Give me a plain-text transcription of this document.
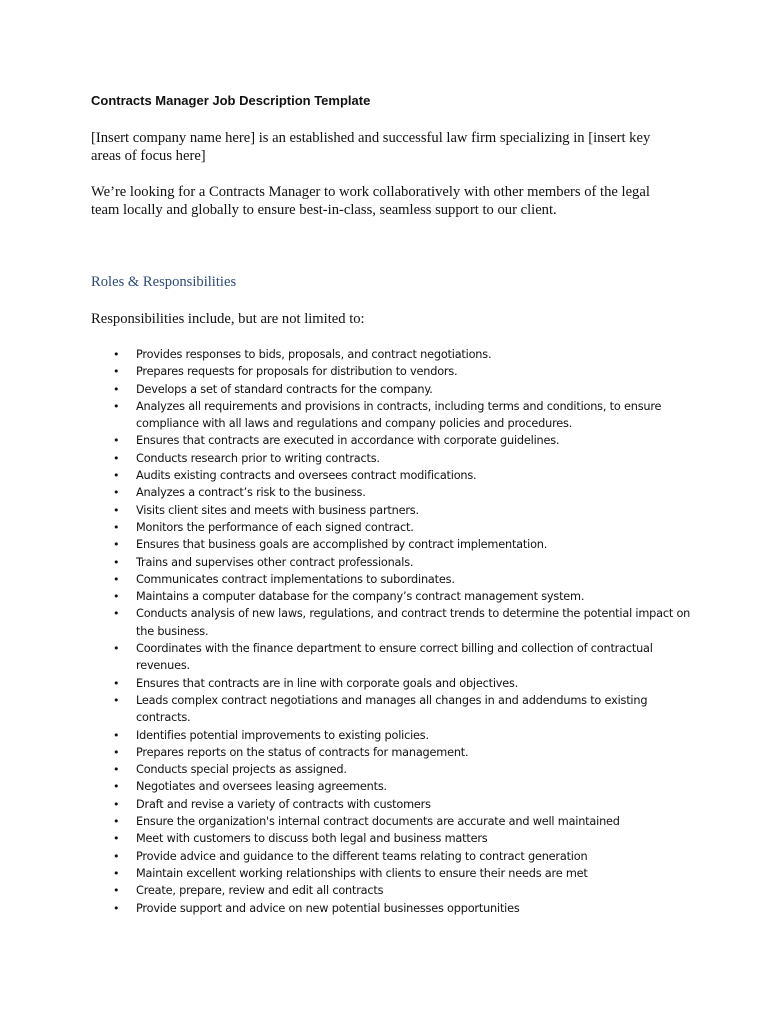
Contracts Manager Job Description Template

[Insert company name here] is an established and successful law firm specializing in [insert key areas of focus here]

We’re looking for a Contracts Manager to work collaboratively with other members of the legal team locally and globally to ensure best-in-class, seamless support to our client.

Roles & Responsibilities

Responsibilities include, but are not limited to:

• Provides responses to bids, proposals, and contract negotiations.
• Prepares requests for proposals for distribution to vendors.
• Develops a set of standard contracts for the company.
• Analyzes all requirements and provisions in contracts, including terms and conditions, to ensure compliance with all laws and regulations and company policies and procedures.
• Ensures that contracts are executed in accordance with corporate guidelines.
• Conducts research prior to writing contracts.
• Audits existing contracts and oversees contract modifications.
• Analyzes a contract’s risk to the business.
• Visits client sites and meets with business partners.
• Monitors the performance of each signed contract.
• Ensures that business goals are accomplished by contract implementation.
• Trains and supervises other contract professionals.
• Communicates contract implementations to subordinates.
• Maintains a computer database for the company’s contract management system.
• Conducts analysis of new laws, regulations, and contract trends to determine the potential impact on the business.
• Coordinates with the finance department to ensure correct billing and collection of contractual revenues.
• Ensures that contracts are in line with corporate goals and objectives.
• Leads complex contract negotiations and manages all changes in and addendums to existing contracts.
• Identifies potential improvements to existing policies.
• Prepares reports on the status of contracts for management.
• Conducts special projects as assigned.
• Negotiates and oversees leasing agreements.
• Draft and revise a variety of contracts with customers
• Ensure the organization's internal contract documents are accurate and well maintained
• Meet with customers to discuss both legal and business matters
• Provide advice and guidance to the different teams relating to contract generation
• Maintain excellent working relationships with clients to ensure their needs are met
• Create, prepare, review and edit all contracts
• Provide support and advice on new potential businesses opportunities
